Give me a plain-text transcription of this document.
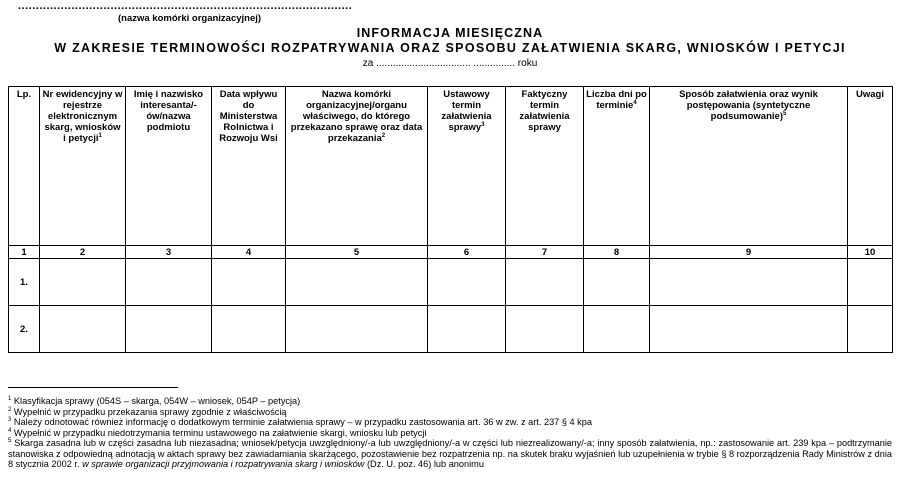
..............................................................................................
(nazwa komórki organizacyjnej)
INFORMACJA MIESIĘCZNA
W ZAKRESIE TERMINOWOŚCI ROZPATRYWANIA ORAZ SPOSOBU ZAŁATWIENIA SKARG, WNIOSKÓW I PETYCJI
za .................................. ............... roku
Lp.	Nr ewidencyjny w rejestrze elektronicznym skarg, wniosków i petycji$^1$	Imię i nazwisko interesanta/-ów/nazwa podmiotu	Data wpływu do Ministerstwa Rolnictwa i Rozwoju Wsi	Nazwa komórki organizacyjnej/organu właściwego, do którego przekazano sprawę oraz data przekazania$^2$	Ustawowy termin załatwienia sprawy$^3$	Faktyczny termin załatwienia sprawy	Liczba dni po terminie$^4$	Sposób załatwienia oraz wynik postępowania (syntetyczne podsumowanie)$^5$	Uwagi
1	2	3	4	5	6	7	8	9	10
1.									
2.									
$^1$ Klasyfikacja sprawy (054S – skarga, 054W – wniosek, 054P – petycja)
$^2$ Wypełnić w przypadku przekazania sprawy zgodnie z właściwością
$^3$ Należy odnotować również informację o dodatkowym terminie załatwienia sprawy – w przypadku zastosowania art. 36 w zw. z art. 237 § 4 kpa
$^4$ Wypełnić w przypadku niedotrzymania terminu ustawowego na załatwienie skargi, wniosku lub petycji
$^5$ Skarga zasadna lub w części zasadna lub niezasadna; wniosek/petycja uwzględniony/-a lub uwzględniony/-a w części lub niezrealizowany/-a; inny sposób załatwienia, np.: zastosowanie art. 239 kpa – podtrzymanie stanowiska z odpowiedną adnotacją w aktach sprawy bez zawiadamiania skarżącego, pozostawienie bez rozpatrzenia np. na skutek braku wyjaśnień lub uzupełnienia w trybie § 8 rozporządzenia Rady Ministrów z dnia 8 stycznia 2002 r. w sprawie organizacji przyjmowania i rozpatrywania skarg i wniosków (Dz. U. poz. 46) lub anonimu
